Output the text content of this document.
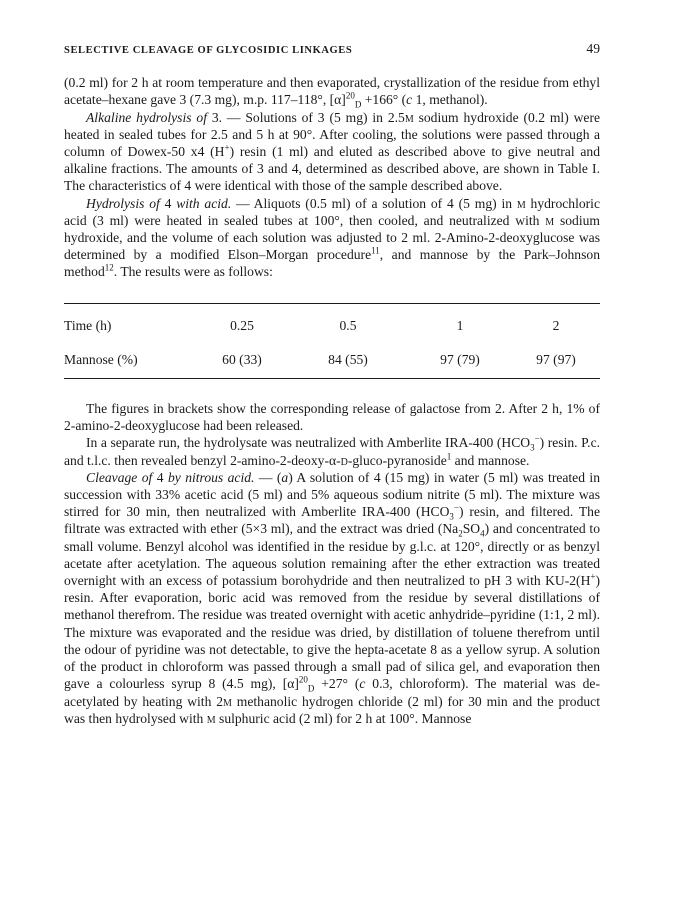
SELECTIVE CLEAVAGE OF GLYCOSIDIC LINKAGES	49

(0.2 ml) for 2 h at room temperature and then evaporated, crystallization of the residue from ethyl acetate–hexane gave 3 (7.3 mg), m.p. 117–118°, $[\alpha]^{20}_D +166^\circ$ (c 1, methanol).

Alkaline hydrolysis of 3. — Solutions of 3 (5 mg) in 2.5m sodium hydroxide (0.2 ml) were heated in sealed tubes for 2.5 and 5 h at 90°. After cooling, the solutions were passed through a column of Dowex-50 x4 (H+) resin (1 ml) and eluted as described above to give neutral and alkaline fractions. The amounts of 3 and 4, determined as described above, are shown in Table I. The characteristics of 4 were identical with those of the sample described above.

Hydrolysis of 4 with acid. — Aliquots (0.5 ml) of a solution of 4 (5 mg) in m hydrochloric acid (3 ml) were heated in sealed tubes at 100°, then cooled, and neutralized with m sodium hydroxide, and the volume of each solution was adjusted to 2 ml. 2-Amino-2-deoxyglucose was determined by a modified Elson–Morgan procedure$^{11}$, and mannose by the Park–Johnson method$^{12}$. The results were as follows:

Time (h)	0.25	0.5	1	2
Mannose (%)	60 (33)	84 (55)	97 (79)	97 (97)

The figures in brackets show the corresponding release of galactose from 2. After 2 h, 1% of 2-amino-2-deoxyglucose had been released.

In a separate run, the hydrolysate was neutralized with Amberlite IRA-400 $(HCO_3^-)$ resin. P.c. and t.l.c. then revealed benzyl 2-amino-2-deoxy-α-d-gluco-pyranoside$^1$ and mannose.

Cleavage of 4 by nitrous acid. — (a) A solution of 4 (15 mg) in water (5 ml) was treated in succession with 33% acetic acid (5 ml) and 5% aqueous sodium nitrite (5 ml). The mixture was stirred for 30 min, then neutralized with Amberlite IRA-400 $(HCO_3^-)$ resin, and filtered. The filtrate was extracted with ether (5×3 ml), and the extract was dried $(Na_2SO_4)$ and concentrated to small volume. Benzyl alcohol was identified in the residue by g.l.c. at 120°, directly or as benzyl acetate after acetylation. The aqueous solution remaining after the ether extraction was treated overnight with an excess of potassium borohydride and then neutralized to pH 3 with KU-2(H+) resin. After evaporation, boric acid was removed from the residue by several distillations of methanol therefrom. The residue was treated overnight with acetic anhydride–pyridine (1:1, 2 ml). The mixture was evaporated and the residue was dried, by distillation of toluene therefrom until the odour of pyridine was not detectable, to give the hepta-acetate 8 as a yellow syrup. A solution of the product in chloroform was passed through a small pad of silica gel, and evaporation then gave a colourless syrup 8 (4.5 mg), $[\alpha]^{20}_D +27^\circ$ (c 0.3, chloroform). The material was de-acetylated by heating with 2m methanolic hydrogen chloride (2 ml) for 30 min and the product was then hydrolysed with m sulphuric acid (2 ml) for 2 h at 100°. Mannose
